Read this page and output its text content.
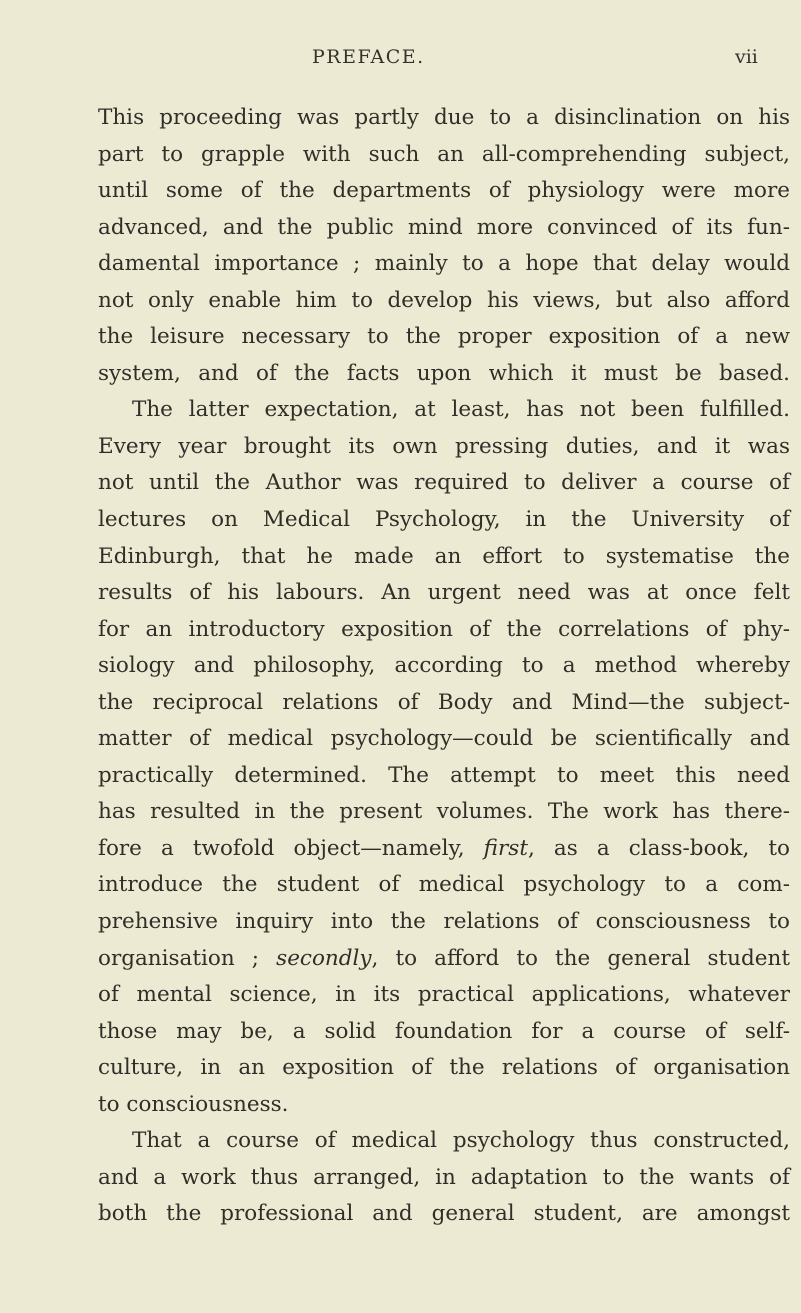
PREFACE.	vii
This proceeding was partly due to a disinclination on his
part to grapple with such an all-comprehending subject,
until some of the departments of physiology were more
advanced, and the public mind more convinced of its fun-
damental importance ; mainly to a hope that delay would
not only enable him to develop his views, but also afford
the leisure necessary to the proper exposition of a new
system, and of the facts upon which it must be based.
The latter expectation, at least, has not been fulfilled.
Every year brought its own pressing duties, and it was
not until the Author was required to deliver a course of
lectures on Medical Psychology, in the University of
Edinburgh, that he made an effort to systematise the
results of his labours. An urgent need was at once felt
for an introductory exposition of the correlations of phy-
siology and philosophy, according to a method whereby
the reciprocal relations of Body and Mind—the subject-
matter of medical psychology—could be scientifically and
practically determined. The attempt to meet this need
has resulted in the present volumes. The work has there-
fore a twofold object—namely, first, as a class-book, to
introduce the student of medical psychology to a com-
prehensive inquiry into the relations of consciousness to
organisation ; secondly, to afford to the general student
of mental science, in its practical applications, whatever
those may be, a solid foundation for a course of self-
culture, in an exposition of the relations of organisation
to consciousness.
That a course of medical psychology thus constructed,
and a work thus arranged, in adaptation to the wants of
both the professional and general student, are amongst
